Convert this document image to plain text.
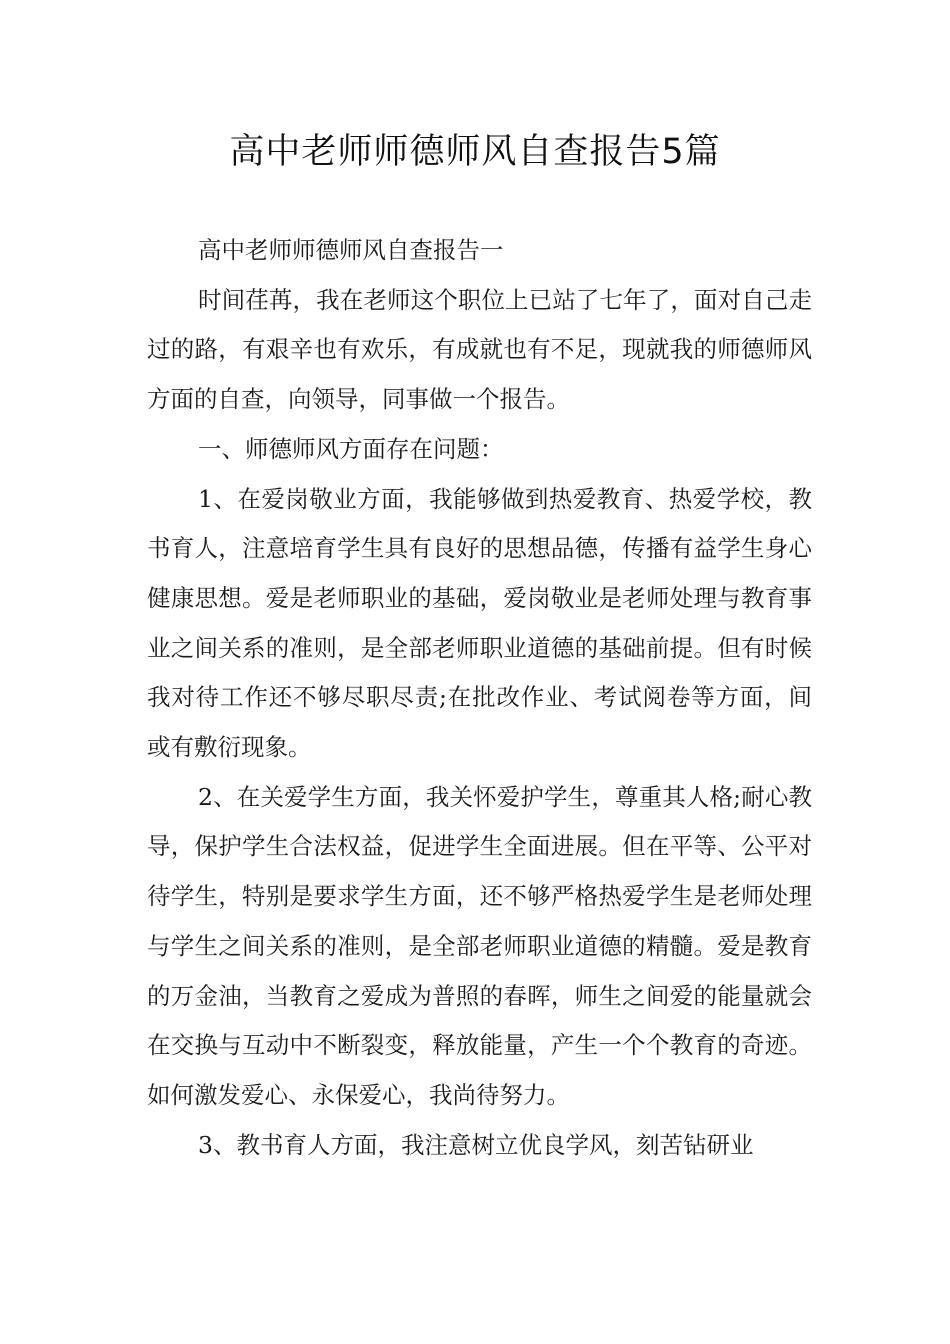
高中老师师德师风自查报告5篇

高中老师师德师风自查报告一

时间荏苒，我在老师这个职位上已站了七年了，面对自己走过的路，有艰辛也有欢乐，有成就也有不足，现就我的师德师风方面的自查，向领导，同事做一个报告。

一、师德师风方面存在问题：

1、在爱岗敬业方面，我能够做到热爱教育、热爱学校，教书育人，注意培育学生具有良好的思想品德，传播有益学生身心健康思想。爱是老师职业的基础，爱岗敬业是老师处理与教育事业之间关系的准则，是全部老师职业道德的基础前提。但有时候我对待工作还不够尽职尽责;在批改作业、考试阅卷等方面，间或有敷衍现象。

2、在关爱学生方面，我关怀爱护学生，尊重其人格;耐心教导，保护学生合法权益，促进学生全面进展。但在平等、公平对待学生，特别是要求学生方面，还不够严格热爱学生是老师处理与学生之间关系的准则，是全部老师职业道德的精髓。爱是教育的万金油，当教育之爱成为普照的春晖，师生之间爱的能量就会在交换与互动中不断裂变，释放能量，产生一个个教育的奇迹。如何激发爱心、永保爱心，我尚待努力。

3、教书育人方面，我注意树立优良学风，刻苦钻研业
